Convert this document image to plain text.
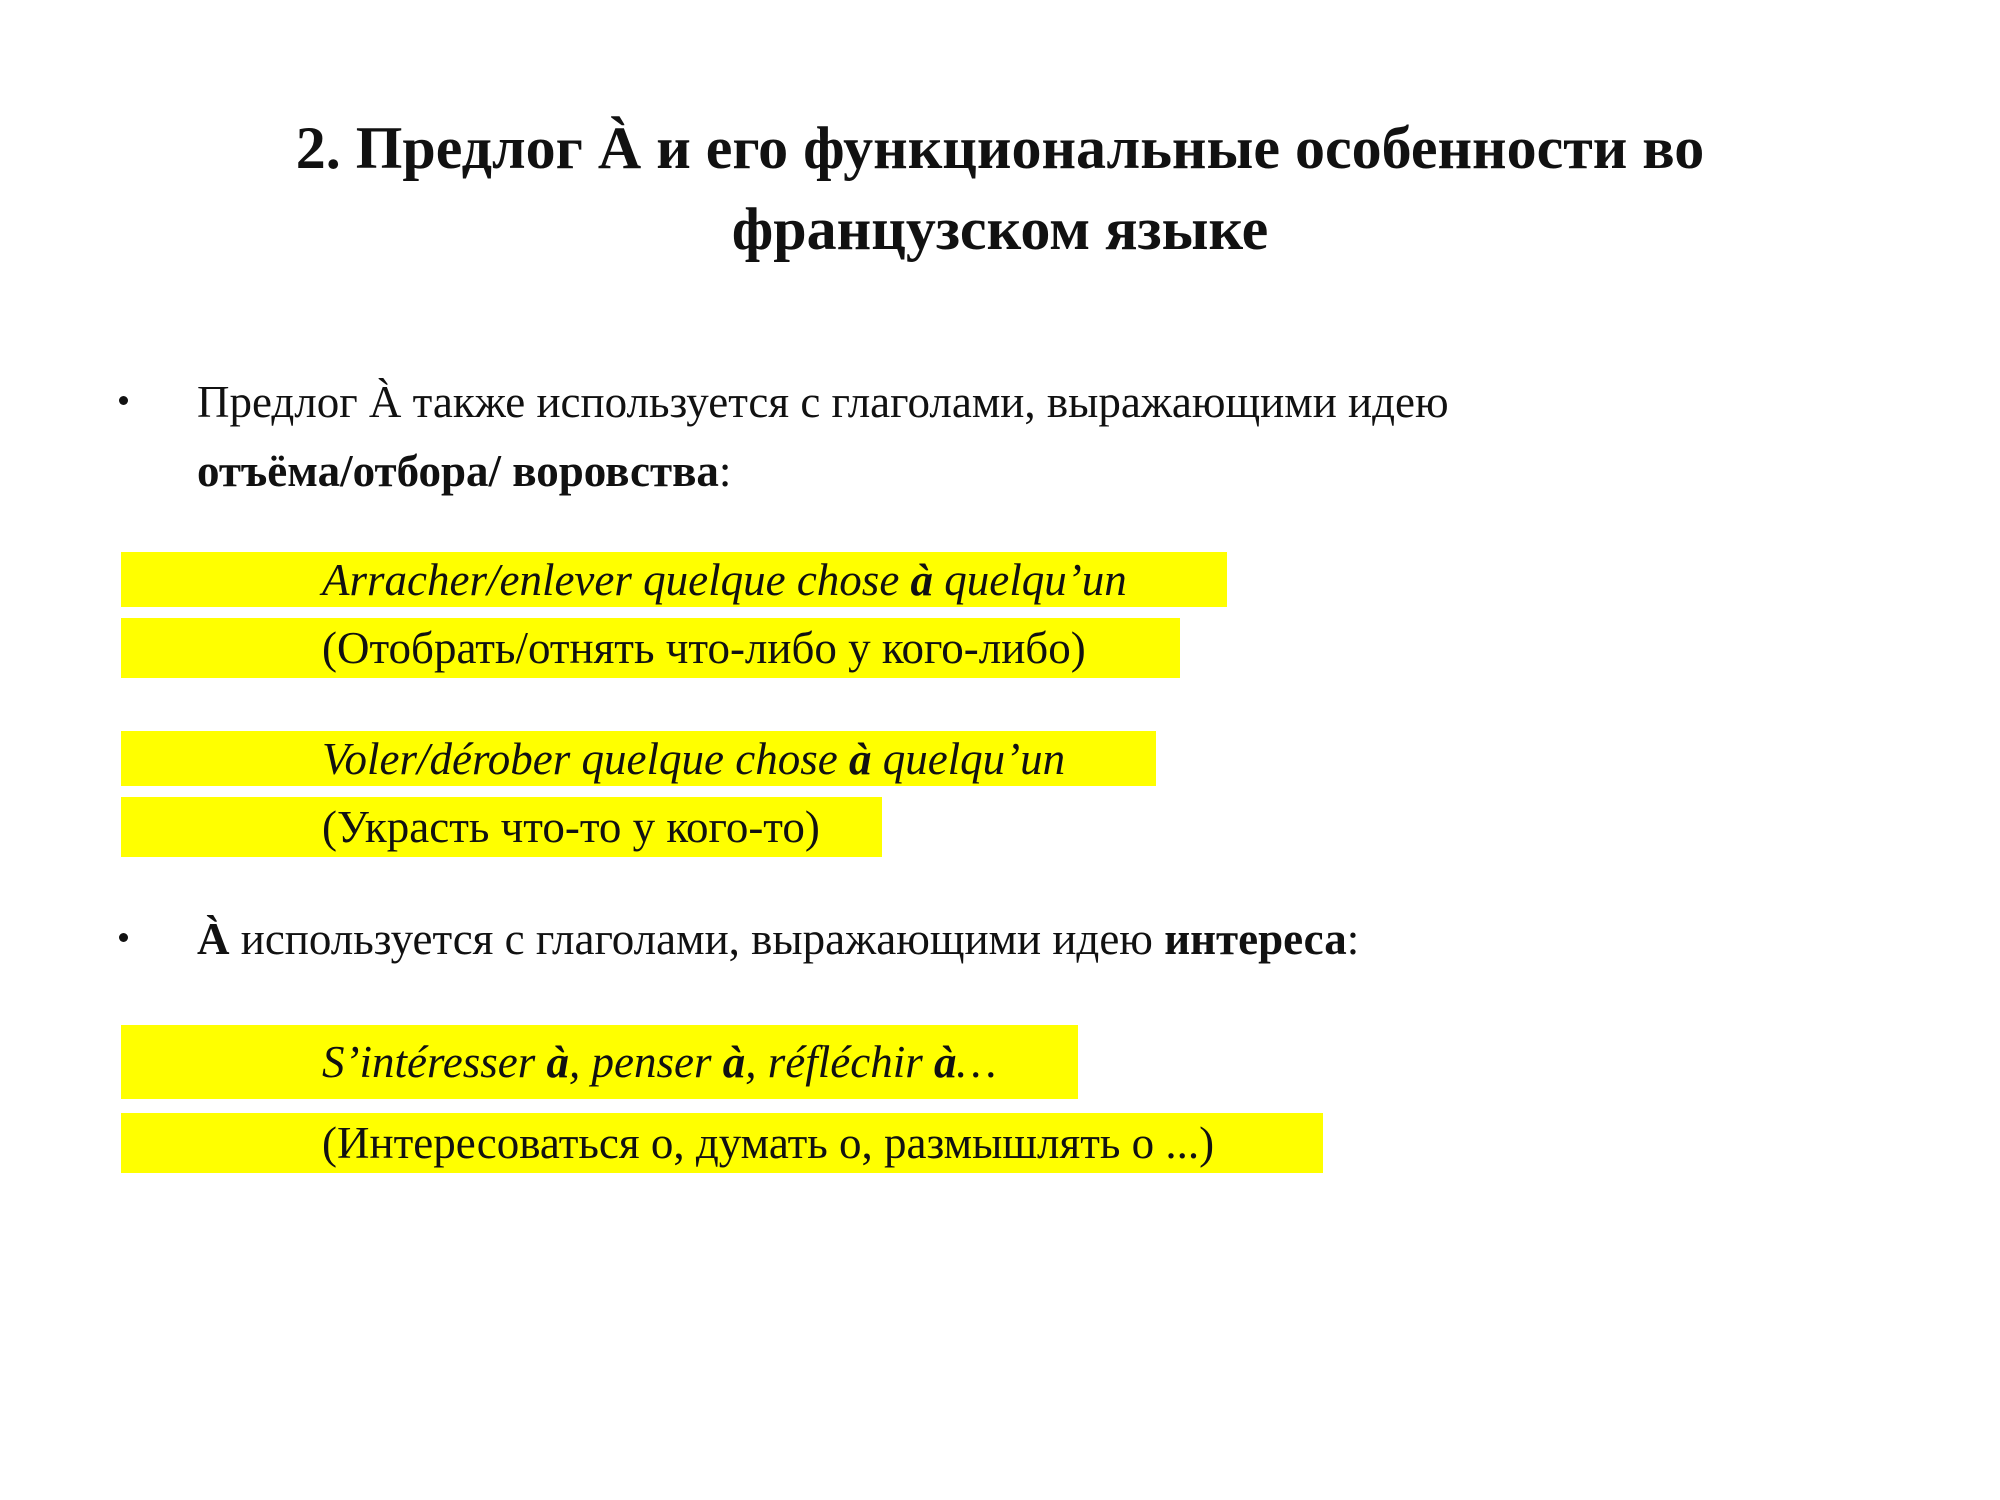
2. Предлог À и его функциональные особенности во
французском языке
Предлог À также используется с глаголами, выражающими идею
отъёма/отбора/ воровства:
Arracher/enlever quelque chose à quelqu’un
(Отобрать/отнять что-либо у кого-либо)
Voler/dérober quelque chose à quelqu’un
(Украсть что-то у кого-то)
À используется с глаголами, выражающими идею интереса:
S’intéresser à, penser à, réfléchir à…
(Интересоваться о, думать о, размышлять о ...)
